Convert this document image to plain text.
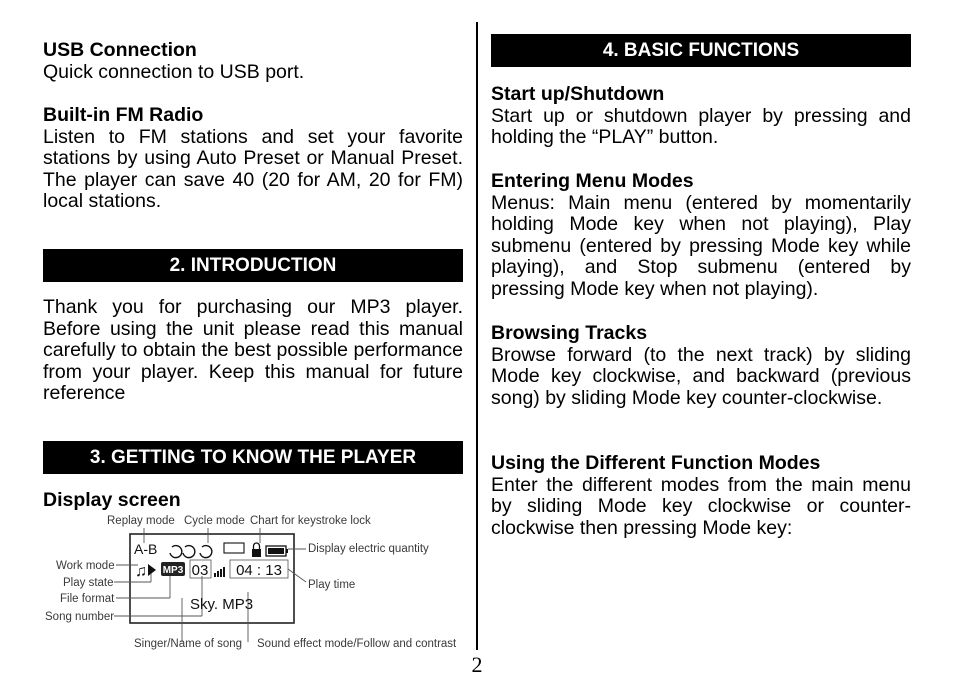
USB Connection

Quick connection to USB port.

Built-in FM Radio

Listen to FM stations and set your favorite stations by using Auto Preset or Manual Preset. The player can save 40 (20 for AM, 20 for FM) local stations.

2. INTRODUCTION

Thank you for purchasing our MP3 player. Before using the unit please read this manual carefully to obtain the best possible performance from your player. Keep this manual for future reference

3. GETTING TO KNOW THE PLAYER
Display screen
A-B
♫ MP3 03 04 : 13
Sky. MP3
Replay mode Cycle mode Chart for keystroke lock
Display electric quantity
Work mode
Play state
File format
Song number
Play time
Singer/Name of song Sound effect mode/Follow and contrast
4. BASIC FUNCTIONS
Start up/Shutdown

Start up or shutdown player by pressing and holding the “PLAY” button.

Entering Menu Modes

Menus: Main menu (entered by momentarily holding Mode key when not playing), Play submenu (entered by pressing Mode key while playing), and Stop submenu (entered by pressing Mode key when not playing).

Browsing Tracks

Browse forward (to the next track) by sliding Mode key clockwise, and backward (previous song) by sliding Mode key counter-clockwise.

Using the Different Function Modes

Enter the different modes from the main menu by sliding Mode key clockwise or counter-clockwise then pressing Mode key:

2
